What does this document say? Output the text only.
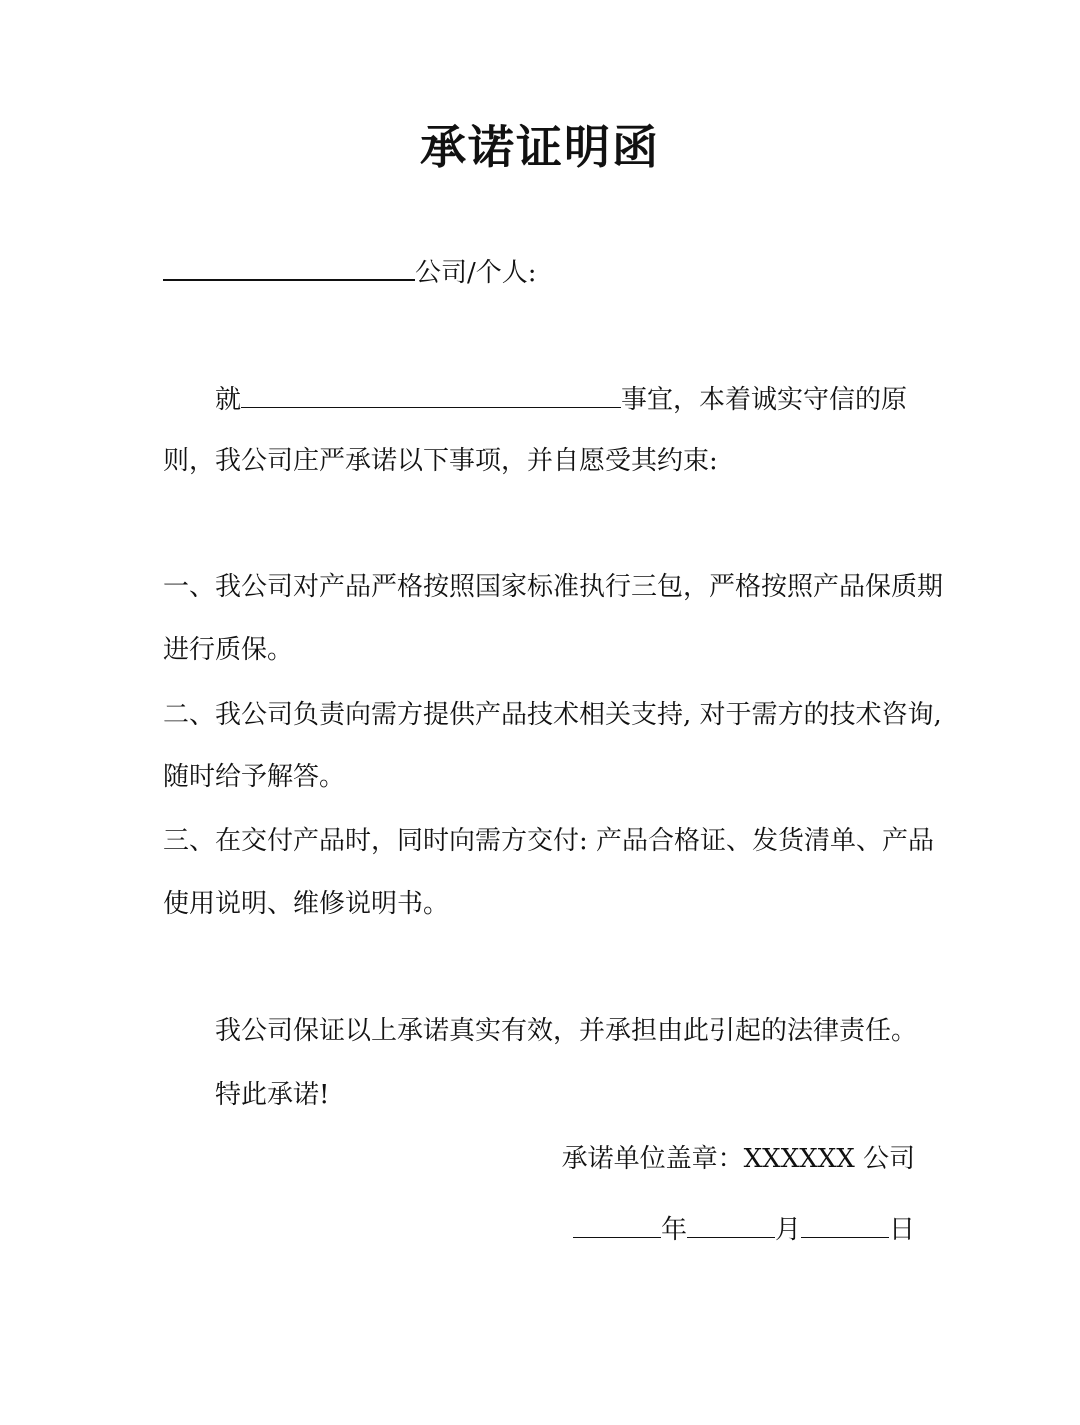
承诺证明函
公司/个人:
就	事宜，本着诚实守信的原
则，我公司庄严承诺以下事项，并自愿受其约束:
一、我公司对产品严格按照国家标准执行三包，严格按照产品保质期
进行质保。
二、我公司负责向需方提供产品技术相关支持, 对于需方的技术咨询,
随时给予解答。
三、在交付产品时，同时向需方交付: 产品合格证、发货清单、产品
使用说明、维修说明书。
我公司保证以上承诺真实有效，并承担由此引起的法律责任。
特此承诺!
承诺单位盖章：XXXXXX 公司
年	月	日
